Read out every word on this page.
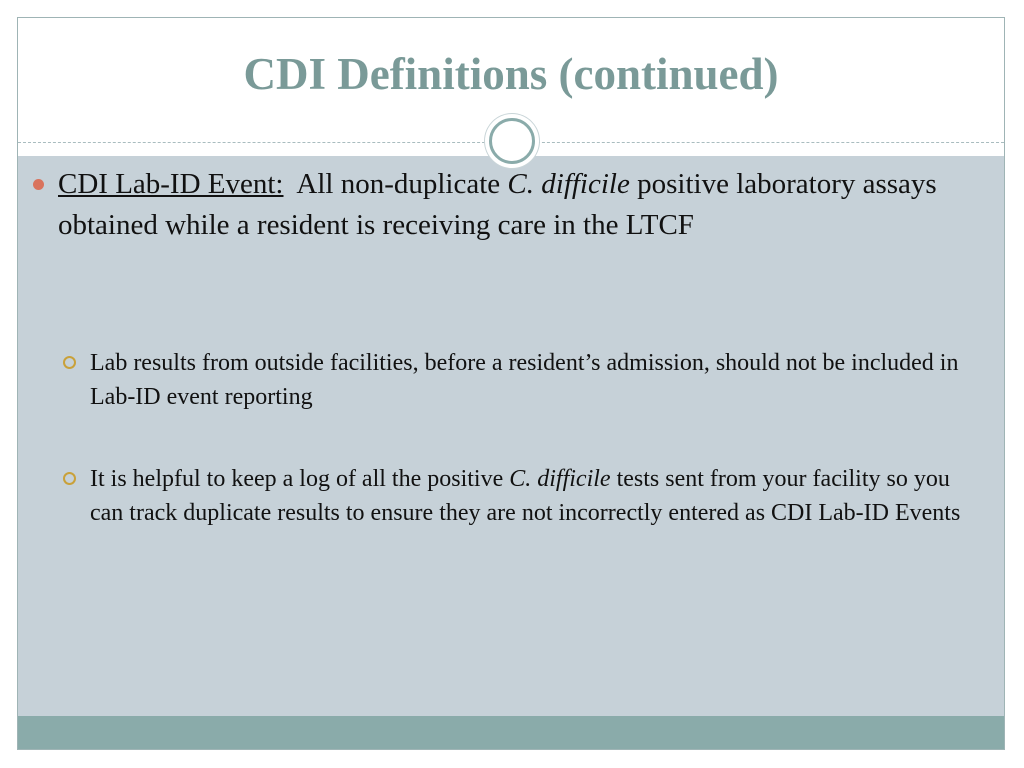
CDI Definitions (continued)
CDI Lab-ID Event: All non-duplicate C. difficile positive laboratory assays obtained while a resident is receiving care in the LTCF
Lab results from outside facilities, before a resident’s admission, should not be included in Lab-ID event reporting
It is helpful to keep a log of all the positive C. difficile tests sent from your facility so you can track duplicate results to ensure they are not incorrectly entered as CDI Lab-ID Events
